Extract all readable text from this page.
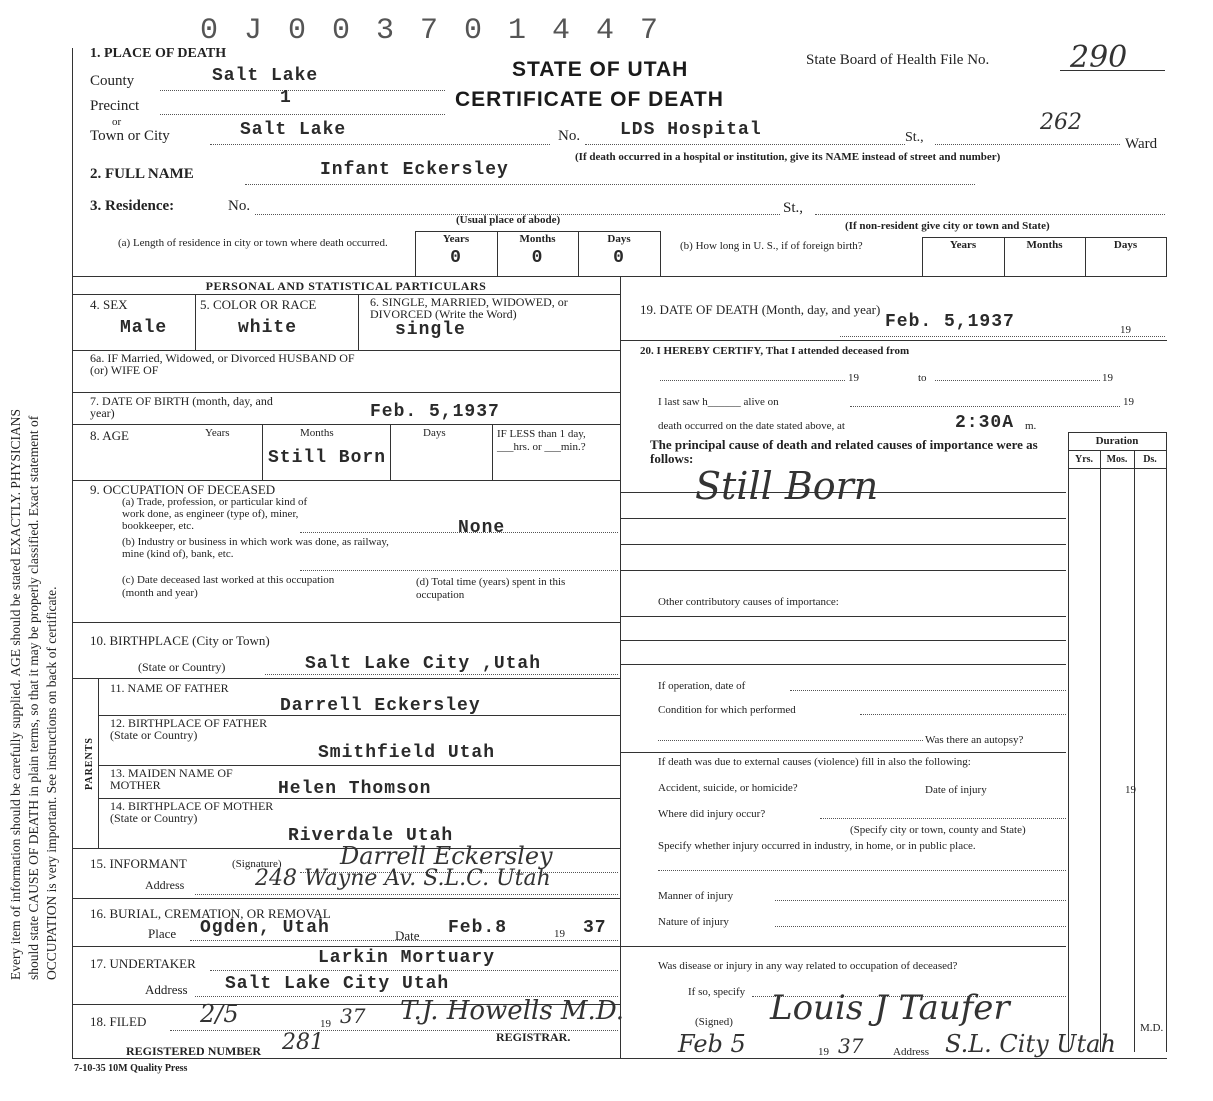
Every item of information should be carefully supplied. AGE should be stated EXACTLY. PHYSICIANS should state CAUSE OF DEATH in plain terms, so that it may be properly classified. Exact statement of OCCUPATION is very important. See instructions on back of certificate.
0 J 0 0 3 7 0 1 4 4 7
STATE OF UTAH
CERTIFICATE OF DEATH
State Board of Health File No.	290
262
1. PLACE OF DEATH
County	Salt Lake
Precinct	1
or
Town or City	Salt Lake	No. LDS Hospital	St.,	Ward
(If death occurred in a hospital or institution, give its NAME instead of street and number)
2. FULL NAME	Infant Eckersley
3. Residence:	No.	St.,
(Usual place of abode)	(If non-resident give city or town and State)
(a) Length of residence in city or town where death occurred.	Years	Months	Days
0	0	0
(b) How long in U. S., if of foreign birth?	Years	Months	Days
PERSONAL AND STATISTICAL PARTICULARS
4. SEX
Male
5. COLOR OR RACE
white
6. SINGLE, MARRIED, WIDOWED, or DIVORCED (Write the Word)
single
6a. IF Married, Widowed, or Divorced HUSBAND OF (or) WIFE OF
7. DATE OF BIRTH (month, day, and year)	Feb. 5,1937
8. AGE	Years	Months	Days
Still Born
IF LESS than 1 day, ___hrs. or ___min.?
9. OCCUPATION OF DECEASED
(a) Trade, profession, or particular kind of work done, as engineer (type of), miner, bookkeeper, etc.
(b) Industry or business in which work was done, as railway, mine (kind of), bank, etc.
None
(c) Date deceased last worked at this occupation (month and year)
(d) Total time (years) spent in this occupation
10. BIRTHPLACE (City or Town)
(State or Country)	Salt Lake City ,Utah
PARENTS
11. NAME OF FATHER
Darrell Eckersley
12. BIRTHPLACE OF FATHER (State or Country)
Smithfield Utah
13. MAIDEN NAME OF MOTHER	Helen Thomson
14. BIRTHPLACE OF MOTHER (State or Country)
Riverdale Utah
15. INFORMANT	(Signature) Darrell Eckersley
Address	248 Wayne Av. S.L.C. Utah
16. BURIAL, CREMATION, OR REMOVAL
Place Ogden, Utah	Date Feb.8	19 37
17. UNDERTAKER	Larkin Mortuary
Address Salt Lake City Utah
18. FILED 2/5	19 37 T.J. Howells M.D.
REGISTRAR.
REGISTERED NUMBER 281
19. DATE OF DEATH (Month, day, and year)
Feb. 5,1937	19
20. I HEREBY CERTIFY, That I attended deceased from
19	to	19
I last saw h______ alive on	19
death occurred on the date stated above, at	2:30A m.
The principal cause of death and related causes of importance were as follows:
Duration
Yrs.	Mos.	Ds.
Still Born
Other contributory causes of importance:
If operation, date of
Condition for which performed
Was there an autopsy?
If death was due to external causes (violence) fill in also the following:
Accident, suicide, or homicide?	Date of injury	19
Where did injury occur?
(Specify city or town, county and State)
Specify whether injury occurred in industry, in home, or in public place.
Manner of injury
Nature of injury
Was disease or injury in any way related to occupation of deceased?
If so, specify
(Signed) Louis J Taufer	M.D.
Feb 5	19 37	Address S.L. City Utah
7-10-35 10M Quality Press
